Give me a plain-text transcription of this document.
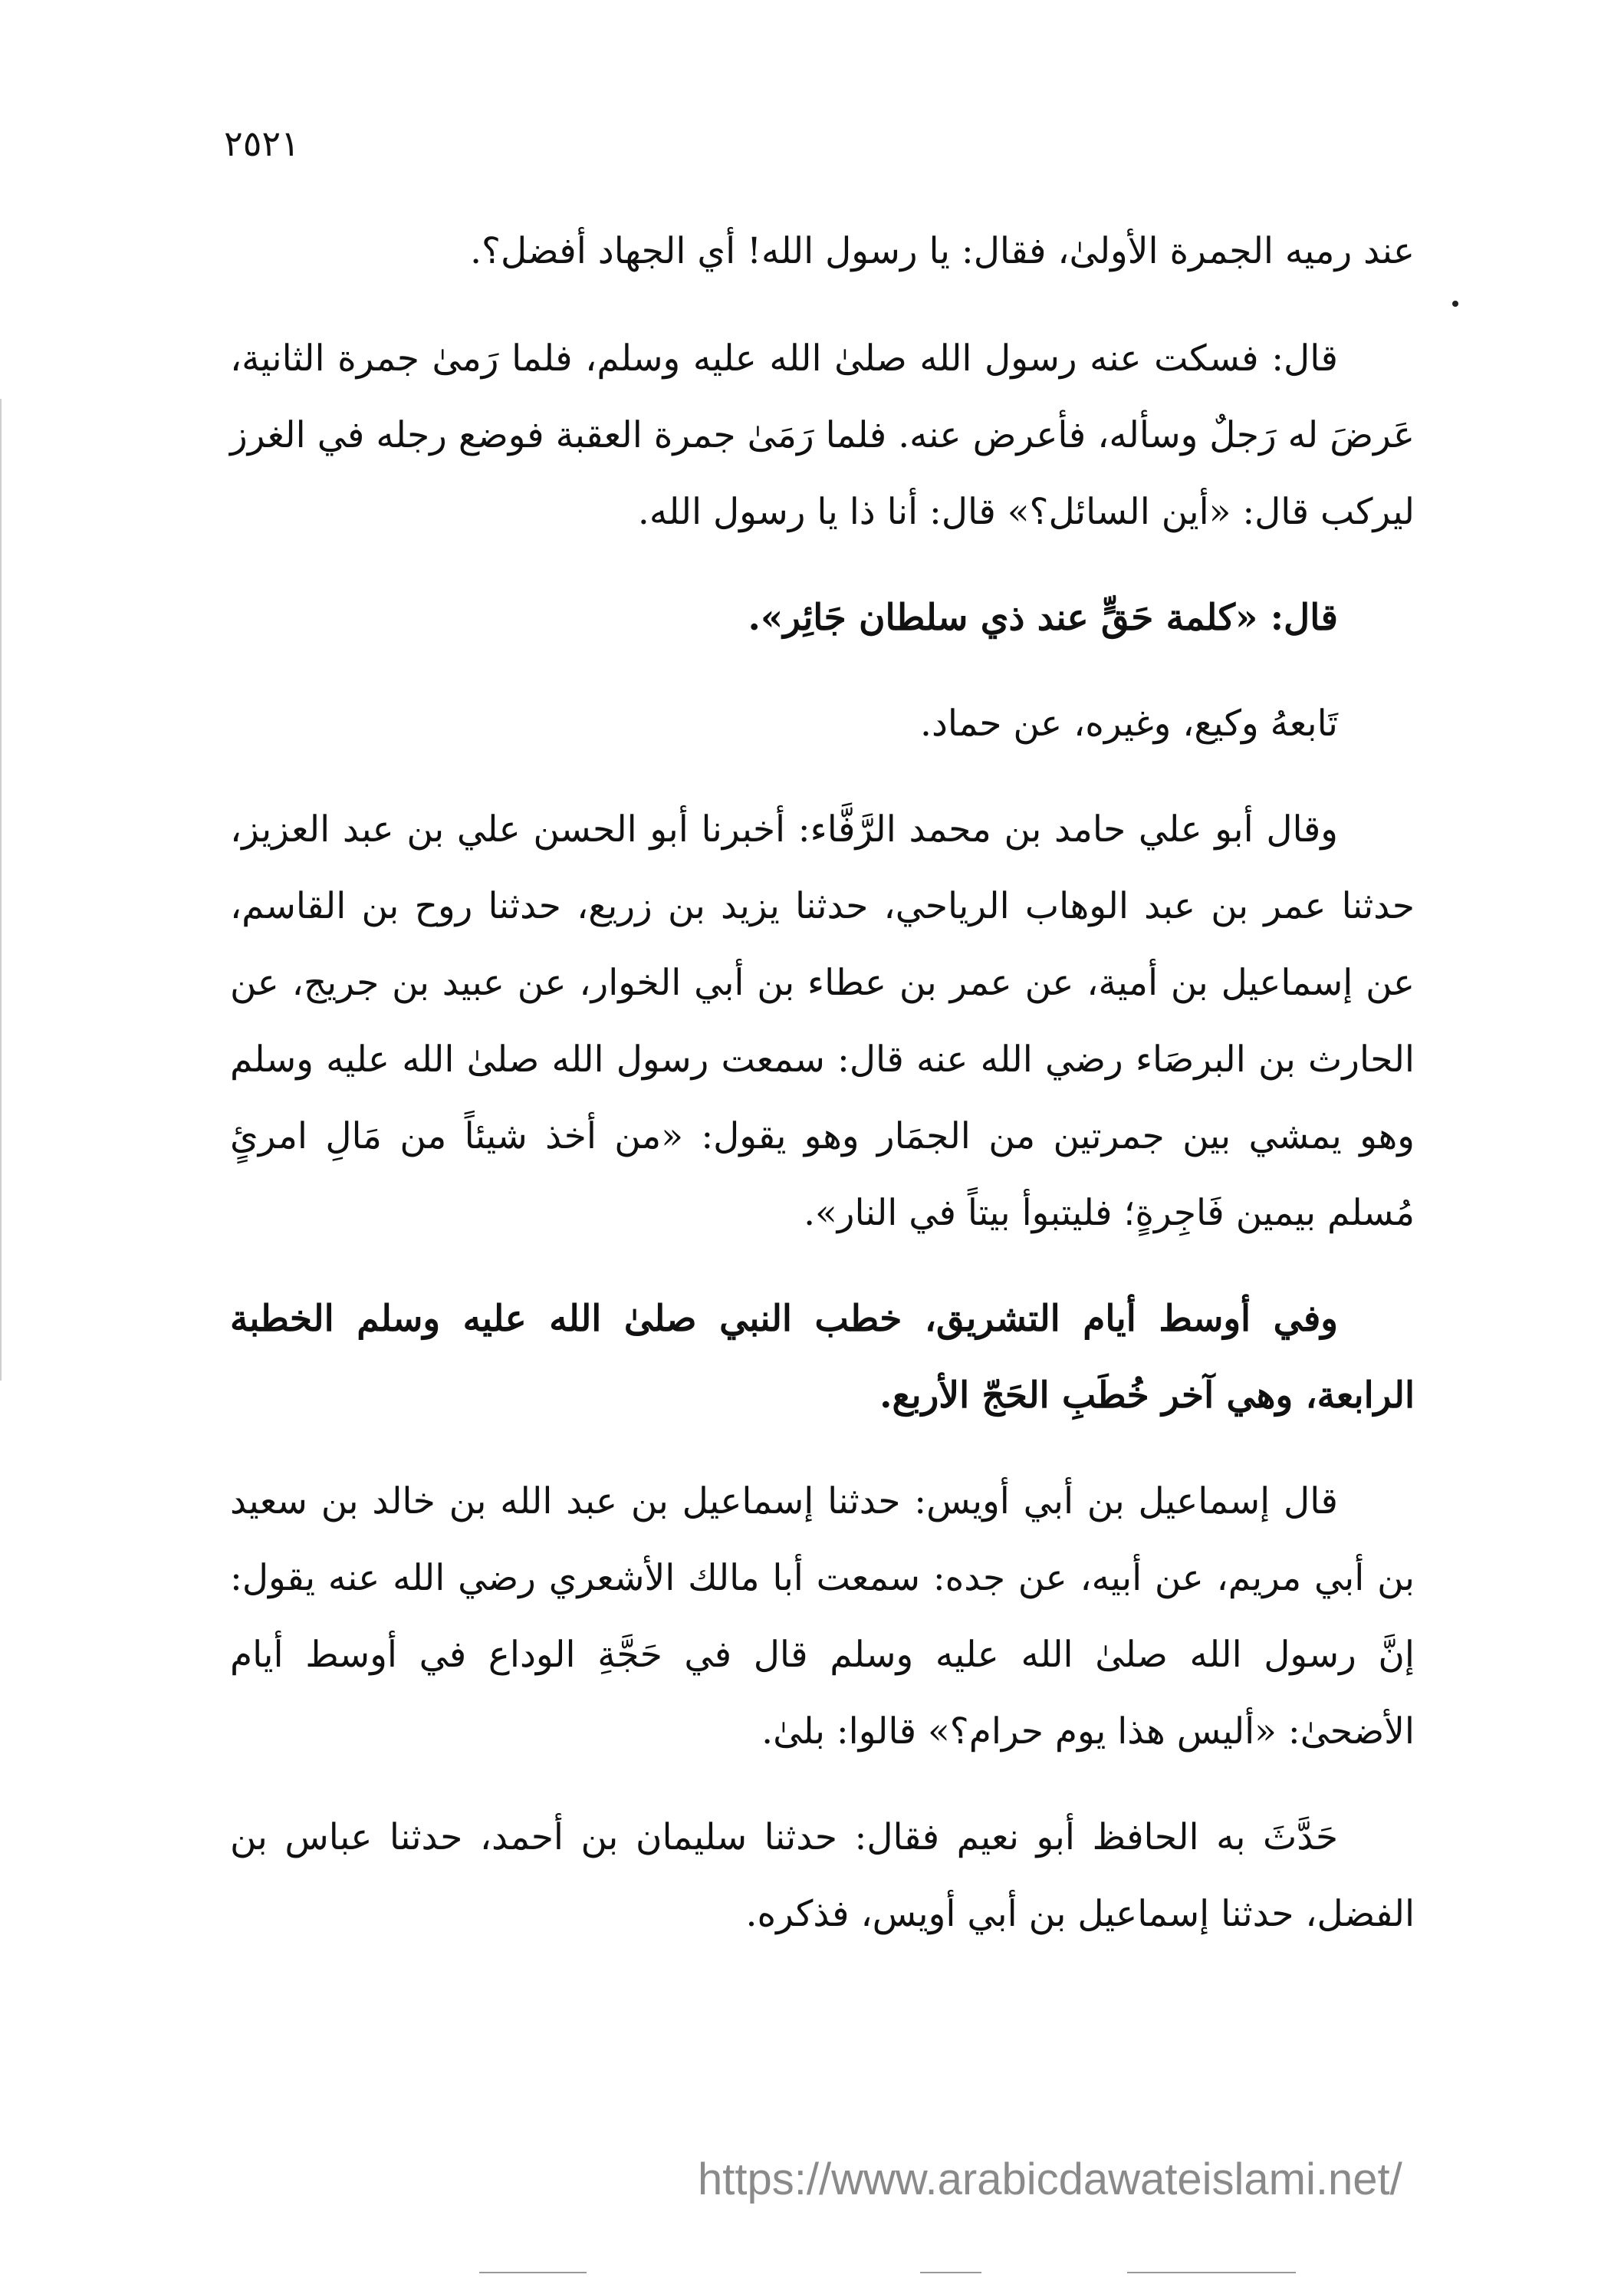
٢٥٢١

عند رميه الجمرة الأولىٰ، فقال: يا رسول الله! أي الجهاد أفضل؟.

قال: فسكت عنه رسول الله صلىٰ الله عليه وسلم، فلما رَمىٰ جمرة الثانية، عَرضَ له رَجلٌ وسأله، فأعرض عنه. فلما رَمَىٰ جمرة العقبة فوضع رجله في الغرز ليركب قال: «أين السائل؟» قال: أنا ذا يا رسول الله.

قال: «كلمة حَقٍّ عند ذي سلطان جَائِر».

تَابعهُ وكيع، وغيره، عن حماد.

وقال أبو علي حامد بن محمد الرَّفَّاء: أخبرنا أبو الحسن علي بن عبد العزيز، حدثنا عمر بن عبد الوهاب الرياحي، حدثنا يزيد بن زريع، حدثنا روح بن القاسم، عن إسماعيل بن أمية، عن عمر بن عطاء بن أبي الخوار، عن عبيد بن جريج، عن الحارث بن البرصَاء رضي الله عنه قال: سمعت رسول الله صلىٰ الله عليه وسلم وهو يمشي بين جمرتين من الجمَار وهو يقول: «من أخذ شيئاً من مَالِ امرئٍ مُسلم بيمين فَاجِرةٍ؛ فليتبوأ بيتاً في النار».

وفي أوسط أيام التشريق، خطب النبي صلىٰ الله عليه وسلم الخطبة الرابعة، وهي آخر خُطَبِ الحَجّ الأربع.

قال إسماعيل بن أبي أويس: حدثنا إسماعيل بن عبد الله بن خالد بن سعيد بن أبي مريم، عن أبيه، عن جده: سمعت أبا مالك الأشعري رضي الله عنه يقول: إنَّ رسول الله صلىٰ الله عليه وسلم قال في حَجَّةِ الوداع في أوسط أيام الأضحىٰ: «أليس هذا يوم حرام؟» قالوا: بلىٰ.

حَدَّثَ به الحافظ أبو نعيم فقال: حدثنا سليمان بن أحمد، حدثنا عباس بن الفضل، حدثنا إسماعيل بن أبي أويس، فذكره.

https://www.arabicdawateislami.net/
